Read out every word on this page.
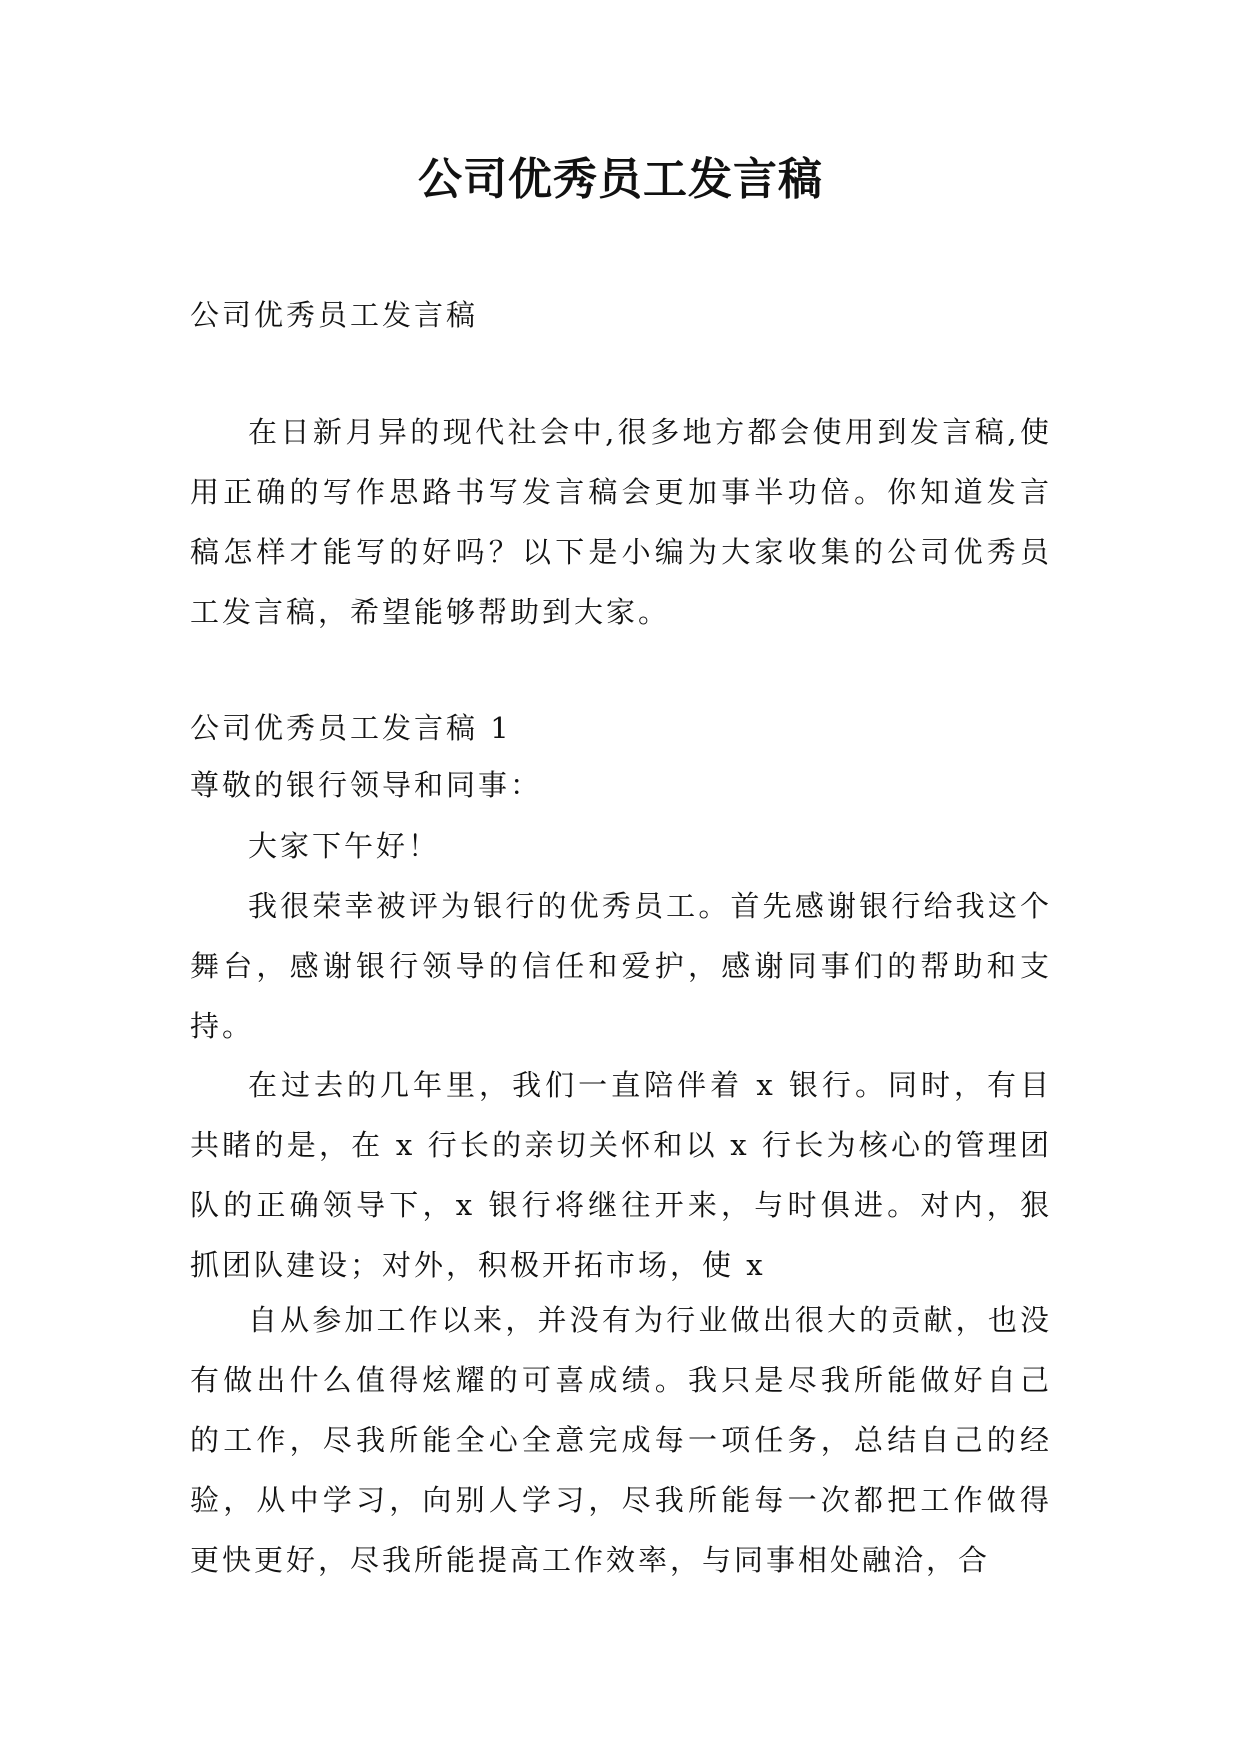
公司优秀员工发言稿

公司优秀员工发言稿

在日新月异的现代社会中,很多地方都会使用到发言稿,使用正确的写作思路书写发言稿会更加事半功倍。你知道发言稿怎样才能写的好吗？以下是小编为大家收集的公司优秀员工发言稿，希望能够帮助到大家。

公司优秀员工发言稿 1

尊敬的银行领导和同事：

大家下午好！

我很荣幸被评为银行的优秀员工。首先感谢银行给我这个舞台，感谢银行领导的信任和爱护，感谢同事们的帮助和支持。

在过去的几年里，我们一直陪伴着 x 银行。同时，有目共睹的是，在 x 行长的亲切关怀和以 x 行长为核心的管理团队的正确领导下，x 银行将继往开来，与时俱进。对内，狠抓团队建设；对外，积极开拓市场，使 x

自从参加工作以来，并没有为行业做出很大的贡献，也没有做出什么值得炫耀的可喜成绩。我只是尽我所能做好自己的工作，尽我所能全心全意完成每一项任务，总结自己的经验，从中学习，向别人学习，尽我所能每一次都把工作做得更快更好，尽我所能提高工作效率，与同事相处融洽，合
